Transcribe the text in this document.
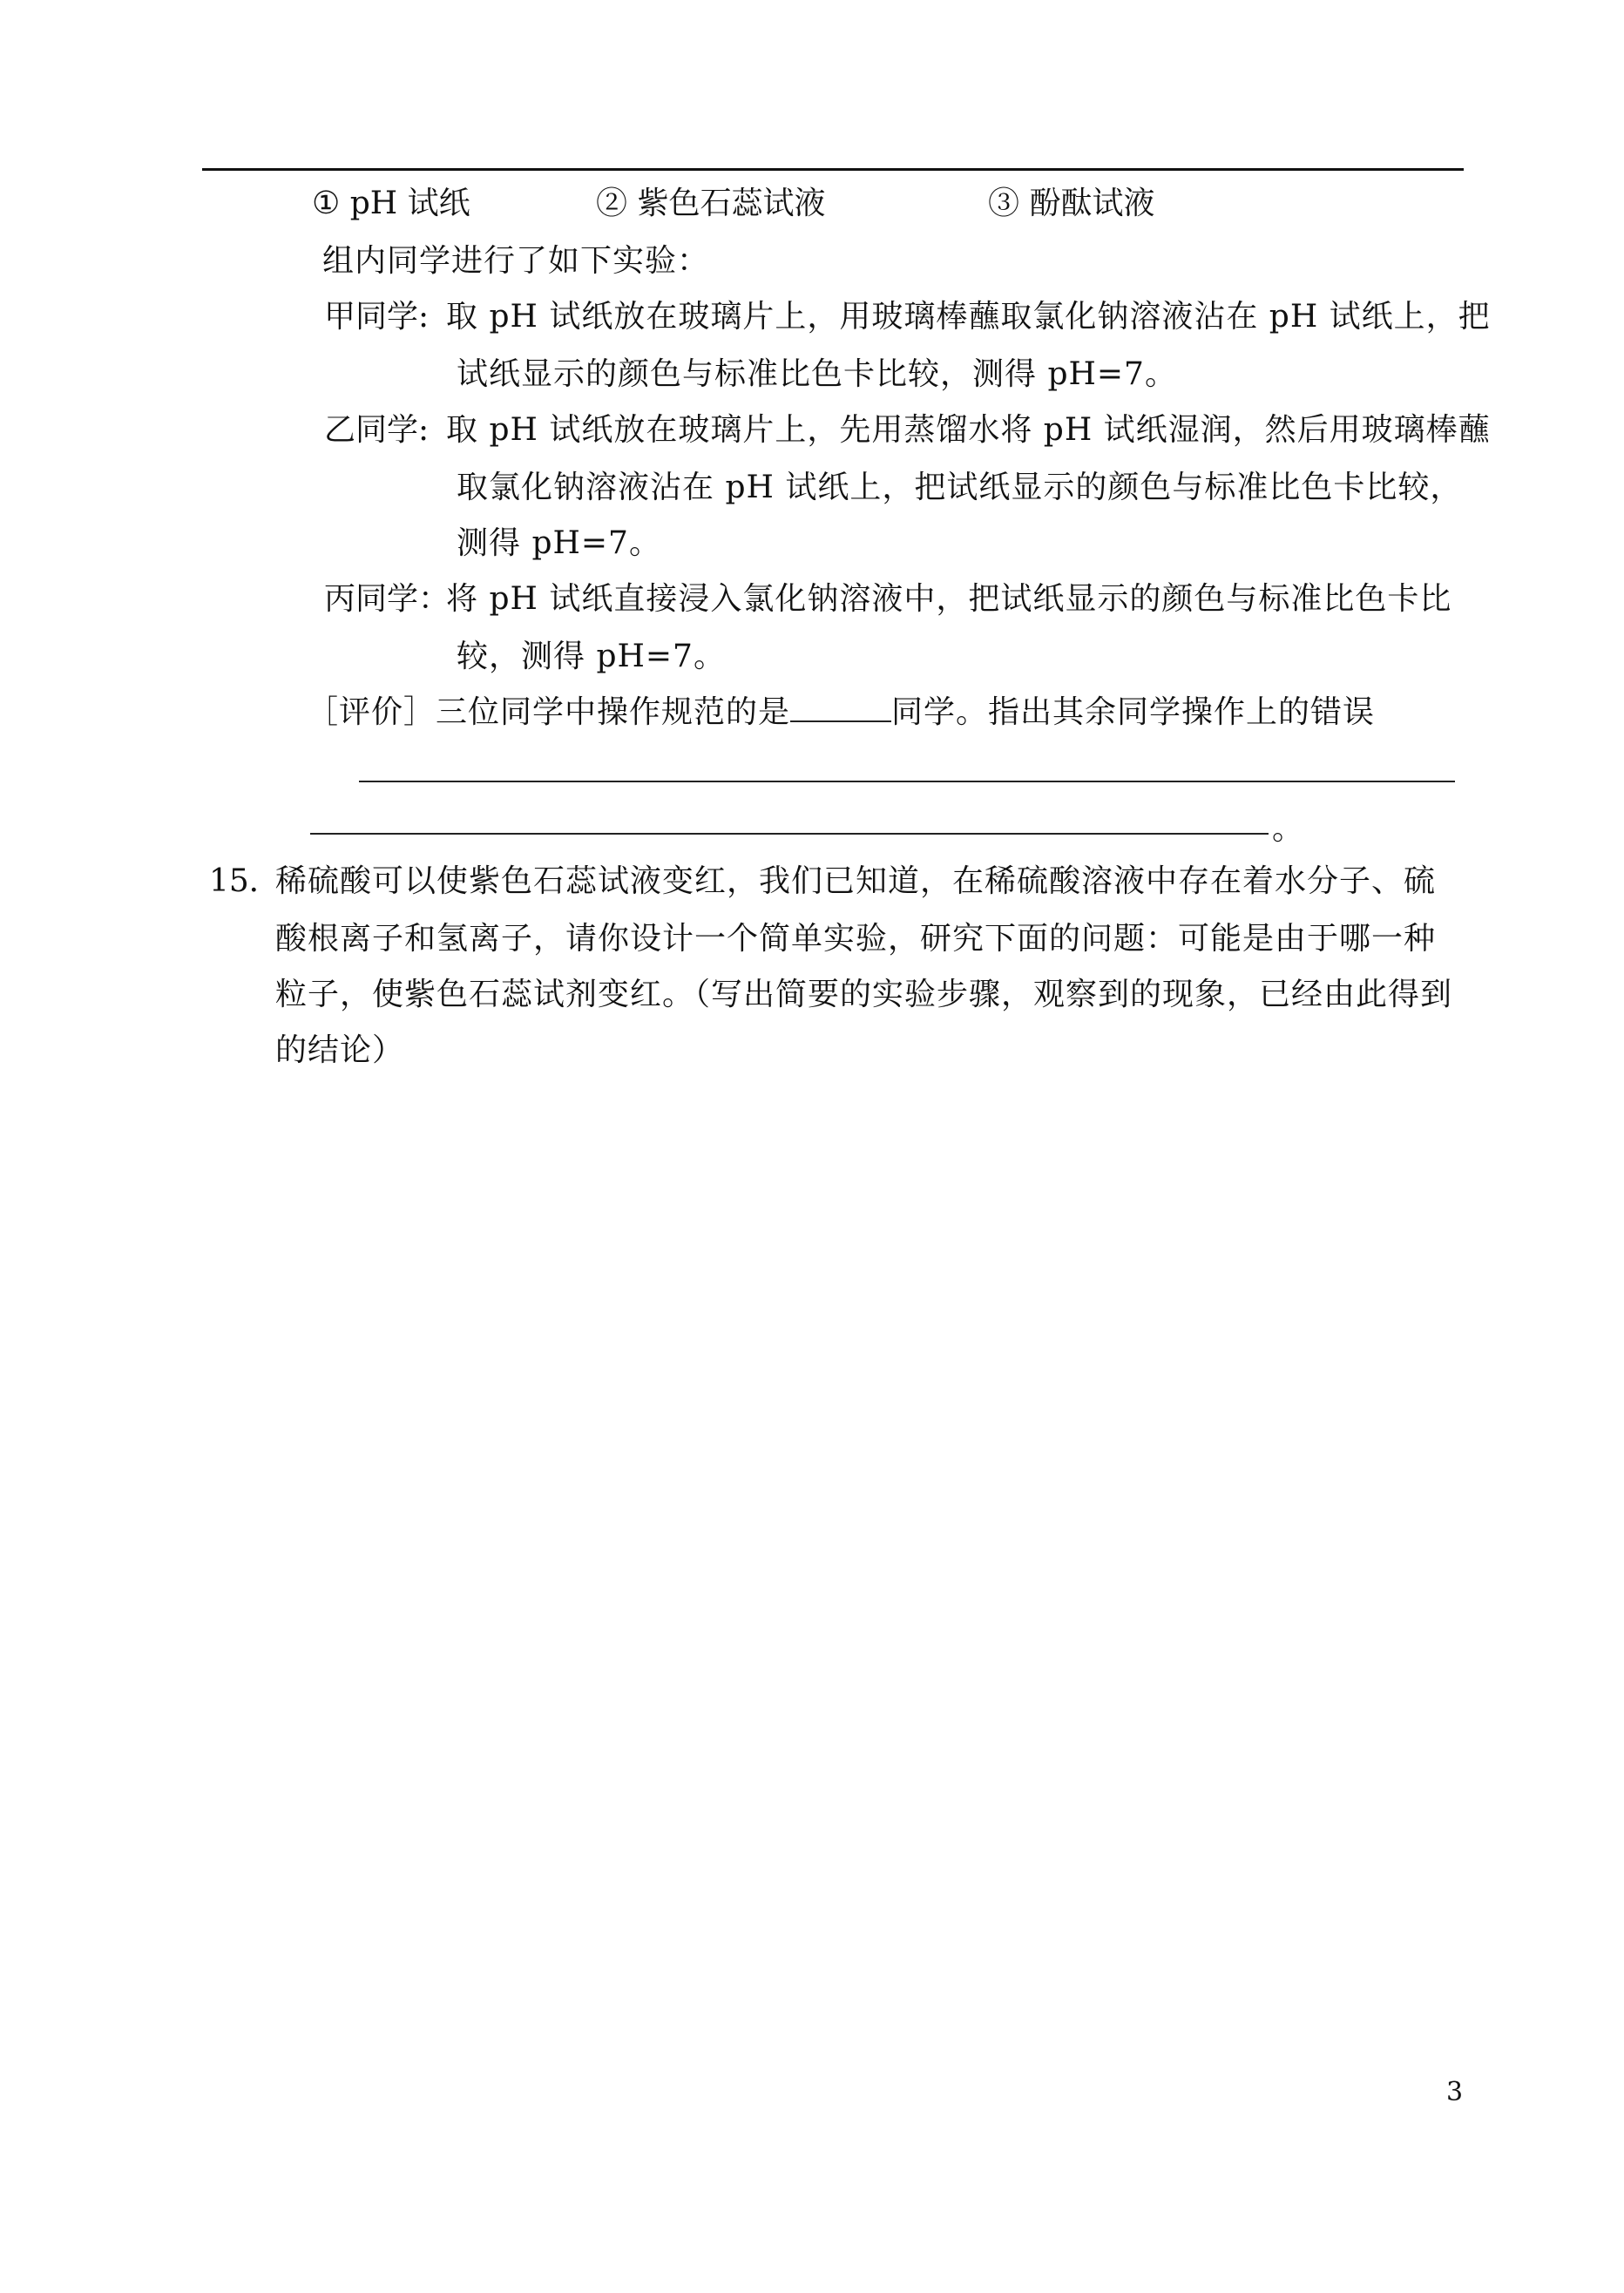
① pH 试纸	② 紫色石蕊试液	③ 酚酞试液
组内同学进行了如下实验：
甲同学: 取 pH 试纸放在玻璃片上，用玻璃棒蘸取氯化钠溶液沾在 pH 试纸上，把
试纸显示的颜色与标准比色卡比较，测得 pH=7。
乙同学: 取 pH 试纸放在玻璃片上，先用蒸馏水将 pH 试纸湿润，然后用玻璃棒蘸
取氯化钠溶液沾在 pH 试纸上，把试纸显示的颜色与标准比色卡比较，
测得 pH=7。
丙同学：
将 pH 试纸直接浸入氯化钠溶液中，把试纸显示的颜色与标准比色卡比
较，测得 pH=7。
［评价］三位同学中操作规范的是	同学。指出其余同学操作上的错误
。
15．
稀硫酸可以使紫色石蕊试液变红，我们已知道，在稀硫酸溶液中存在着水分子、硫
酸根离子和氢离子，请你设计一个简单实验，研究下面的问题：可能是由于哪一种
粒子，使紫色石蕊试剂变红。（写出简要的实验步骤，观察到的现象，已经由此得到
的结论）
3
